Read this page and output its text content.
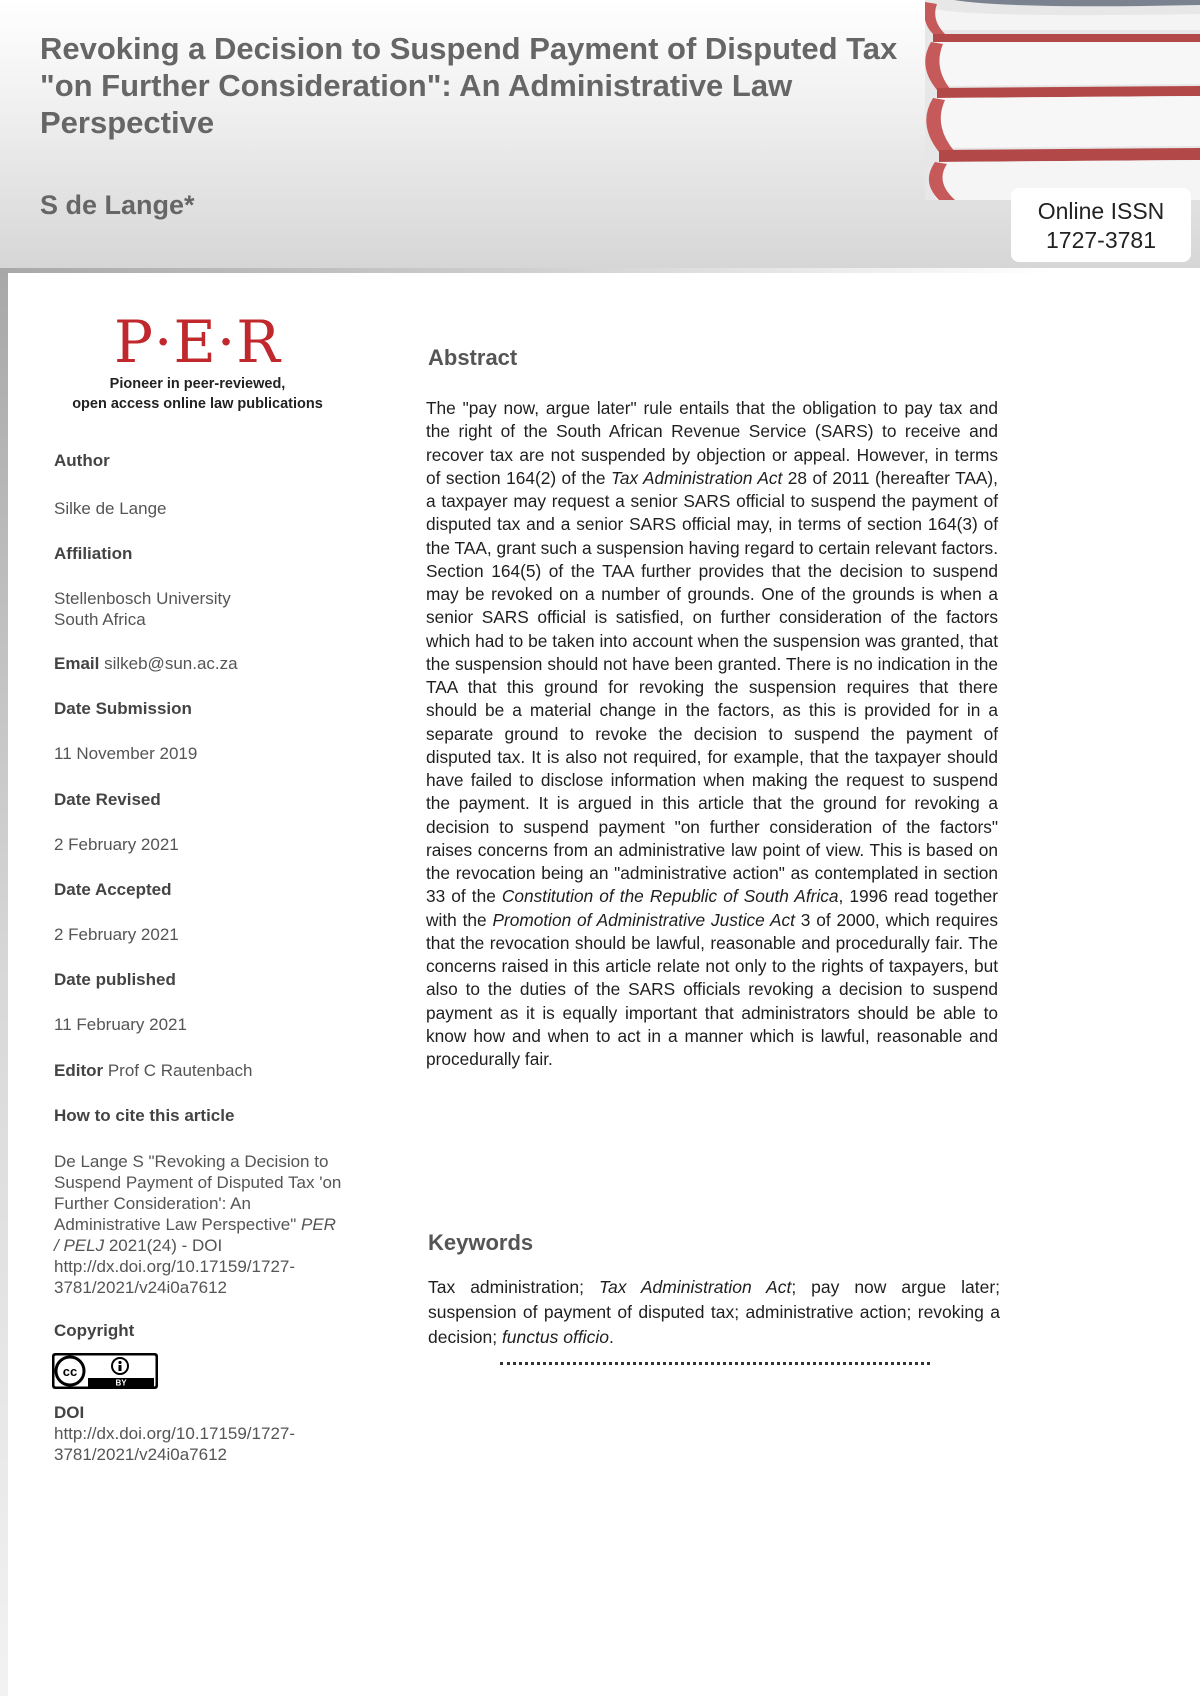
Revoking a Decision to Suspend Payment of Disputed Tax "on Further Consideration": An Administrative Law Perspective

S de Lange*	Online ISSN
1727-3781
P·E·R
Pioneer in peer-reviewed,
open access online law publications

Author

Silke de Lange

Affiliation

Stellenbosch University

South Africa

Email silkeb@sun.ac.za

Date Submission

11 November 2019

Date Revised

2 February 2021

Date Accepted

2 February 2021

Date published

11 February 2021

Editor Prof C Rautenbach

How to cite this article

De Lange S "Revoking a Decision to Suspend Payment of Disputed Tax 'on Further Consideration': An Administrative Law Perspective" PER / PELJ 2021(24) - DOI http://dx.doi.org/10.17159/1727-3781/2021/v24i0a7612

Copyright

cc
BY

DOI

http://dx.doi.org/10.17159/1727-3781/2021/v24i0a7612

Abstract

The "pay now, argue later" rule entails that the obligation to pay tax and the right of the South African Revenue Service (SARS) to receive and recover tax are not suspended by objection or appeal. However, in terms of section 164(2) of the Tax Administration Act 28 of 2011 (hereafter TAA), a taxpayer may request a senior SARS official to suspend the payment of disputed tax and a senior SARS official may, in terms of section 164(3) of the TAA, grant such a suspension having regard to certain relevant factors. Section 164(5) of the TAA further provides that the decision to suspend may be revoked on a number of grounds. One of the grounds is when a senior SARS official is satisfied, on further consideration of the factors which had to be taken into account when the suspension was granted, that the suspension should not have been granted. There is no indication in the TAA that this ground for revoking the suspension requires that there should be a material change in the factors, as this is provided for in a separate ground to revoke the decision to suspend the payment of disputed tax. It is also not required, for example, that the taxpayer should have failed to disclose information when making the request to suspend the payment. It is argued in this article that the ground for revoking a decision to suspend payment "on further consideration of the factors" raises concerns from an administrative law point of view. This is based on the revocation being an "administrative action" as contemplated in section 33 of the Constitution of the Republic of South Africa, 1996 read together with the Promotion of Administrative Justice Act 3 of 2000, which requires that the revocation should be lawful, reasonable and procedurally fair. The concerns raised in this article relate not only to the rights of taxpayers, but also to the duties of the SARS officials revoking a decision to suspend payment as it is equally important that administrators should be able to know how and when to act in a manner which is lawful, reasonable and procedurally fair.

Keywords

Tax administration; Tax Administration Act; pay now argue later; suspension of payment of disputed tax; administrative action; revoking a decision; functus officio.
